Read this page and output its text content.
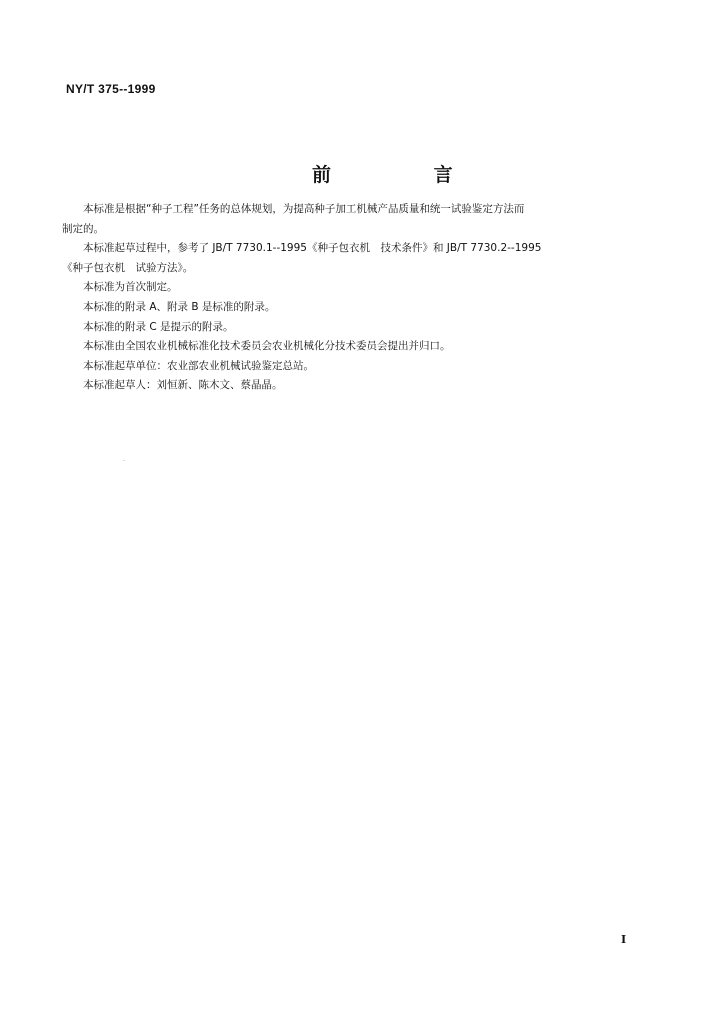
NY/T 375--1999
前 言

本标准是根据“种子工程”任务的总体规划，为提高种子加工机械产品质量和统一试验鉴定方法而
制定的。

本标准起草过程中，参考了 JB/T 7730.1--1995《种子包衣机　技术条件》和 JB/T 7730.2--1995
《种子包衣机　试验方法》。

本标准为首次制定。

本标准的附录 A、附录 B 是标准的附录。

本标准的附录 C 是提示的附录。

本标准由全国农业机械标准化技术委员会农业机械化分技术委员会提出并归口。

本标准起草单位：农业部农业机械试验鉴定总站。

本标准起草人：刘恒新、陈木文、蔡晶晶。

I
